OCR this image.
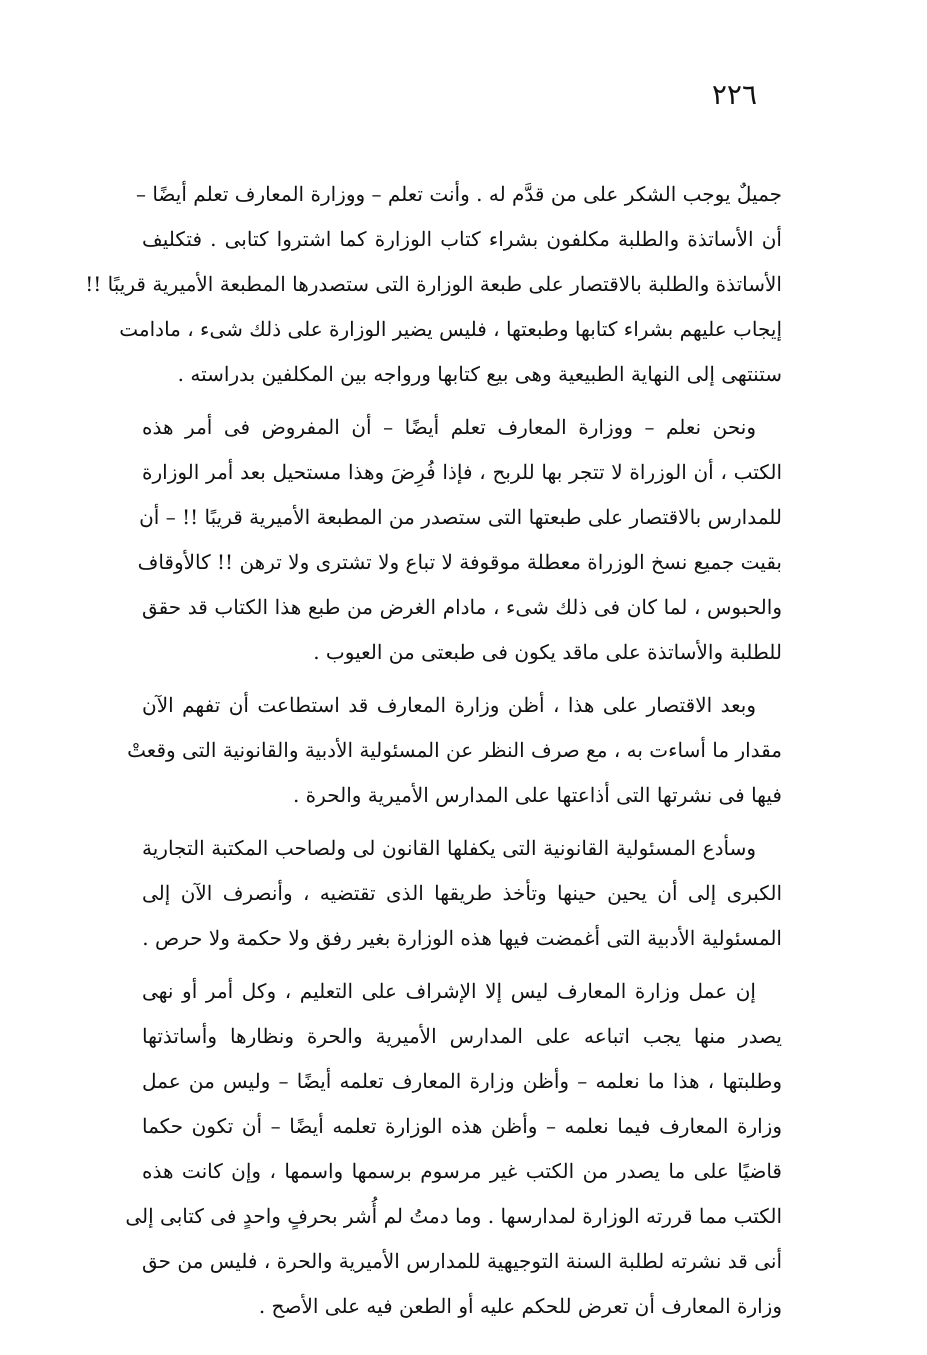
٢٢٦
جميلٌ يوجب الشكر على من قدَّم له . وأنت تعلم – ووزارة المعارف تعلم أيضًا –
أن الأساتذة والطلبة مكلفون بشراء كتاب الوزارة كما اشتروا كتابى . فتكليف
الأساتذة والطلبة بالاقتصار على طبعة الوزارة التى ستصدرها المطبعة الأميرية قريبًا !!
إيجاب عليهم بشراء كتابها وطبعتها ، فليس يضير الوزارة على ذلك شىء ، مادامت
ستنتهى إلى النهاية الطبيعية وهى بيع كتابها ورواجه بين المكلفين بدراسته .
ونحن نعلم – ووزارة المعارف تعلم أيضًا – أن المفروض فى أمر هذه
الكتب ، أن الوزراة لا تتجر بها للربح ، فإذا فُرِضَ وهذا مستحيل بعد أمر الوزارة
للمدارس بالاقتصار على طبعتها التى ستصدر من المطبعة الأميرية قريبًا !! – أن
بقيت جميع نسخ الوزراة معطلة موقوفة لا تباع ولا تشترى ولا ترهن !! كالأوقاف
والحبوس ، لما كان فى ذلك شىء ، مادام الغرض من طبع هذا الكتاب قد حقق
للطلبة والأساتذة على ماقد يكون فى طبعتى من العيوب .
وبعد الاقتصار على هذا ، أظن وزارة المعارف قد استطاعت أن تفهم الآن
مقدار ما أساءت به ، مع صرف النظر عن المسئولية الأدبية والقانونية التى وقعتْ
فيها فى نشرتها التى أذاعتها على المدارس الأميرية والحرة .
وسأدع المسئولية القانونية التى يكفلها القانون لى ولصاحب المكتبة التجارية
الكبرى إلى أن يحين حينها وتأخذ طريقها الذى تقتضيه ، وأنصرف الآن إلى
المسئولية الأدبية التى أغمضت فيها هذه الوزارة بغير رفق ولا حكمة ولا حرص .
إن عمل وزارة المعارف ليس إلا الإشراف على التعليم ، وكل أمر أو نهى
يصدر منها يجب اتباعه على المدارس الأميرية والحرة ونظارها وأساتذتها
وطلبتها ، هذا ما نعلمه – وأظن وزارة المعارف تعلمه أيضًا – وليس من عمل
وزارة المعارف فيما نعلمه – وأظن هذه الوزارة تعلمه أيضًا – أن تكون حكما
قاضيًا على ما يصدر من الكتب غير مرسوم برسمها واسمها ، وإن كانت هذه
الكتب مما قررته الوزارة لمدارسها . وما دمتُ لم أُشر بحرفٍ واحدٍ فى كتابى إلى
أنى قد نشرته لطلبة السنة التوجيهية للمدارس الأميرية والحرة ، فليس من حق
وزارة المعارف أن تعرض للحكم عليه أو الطعن فيه على الأصح .
